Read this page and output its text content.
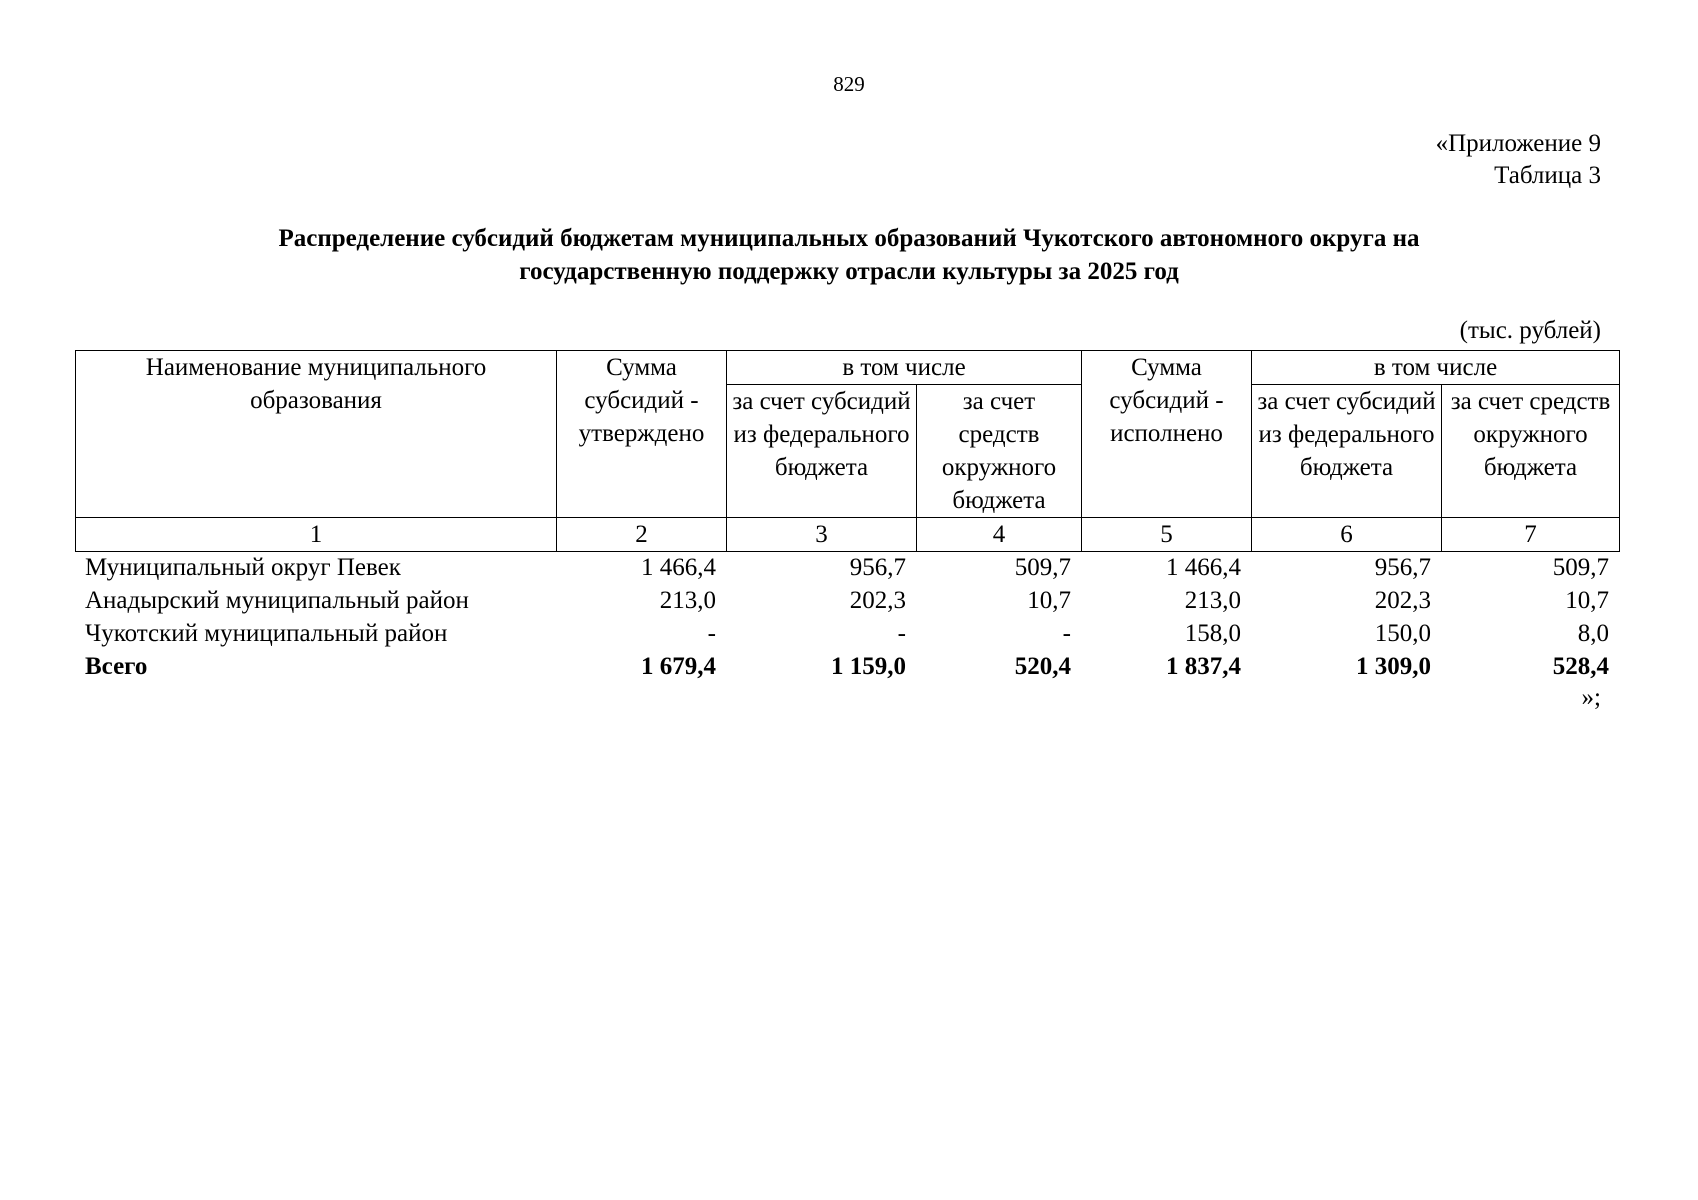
829
«Приложение 9
Таблица 3
Распределение субсидий бюджетам муниципальных образований Чукотского автономного округа на
государственную поддержку отрасли культуры за 2025 год
(тыс. рублей)
Наименование муниципального образования	Сумма субсидий - утверждено	в том числе		Сумма субсидий - исполнено	в том числе	
		за счет субсидий из федерального бюджета	за счет средств окружного бюджета		за счет субсидий из федерального бюджета	за счет средств окружного бюджета
1	2	3	4	5	6	7
Муниципальный округ Певек	1 466,4	956,7	509,7	1 466,4	956,7	509,7
Анадырский муниципальный район	213,0	202,3	10,7	213,0	202,3	10,7
Чукотский муниципальный район	-	-	-	158,0	150,0	8,0
Всего	1 679,4	1 159,0	520,4	1 837,4	1 309,0	528,4
»;
